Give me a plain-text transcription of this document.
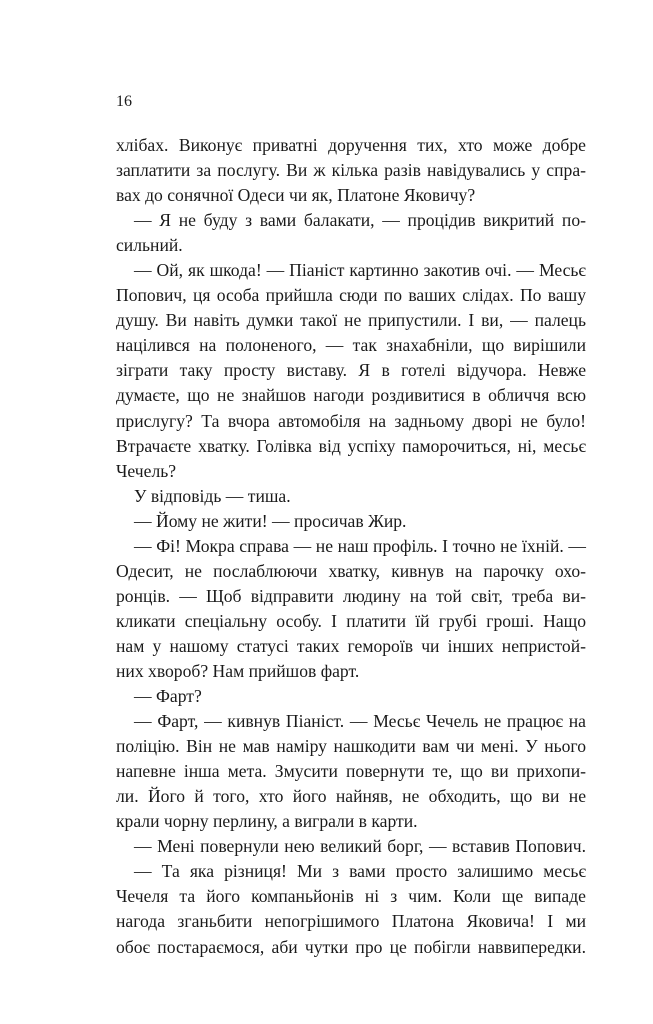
16
хлібах. Виконує приватні доручення тих, хто може добре
заплатити за послугу. Ви ж кілька разів навідувались у спра-
вах до сонячної Одеси чи як, Платоне Яковичу?
— Я не буду з вами балакати, — процідив викритий по-
сильний.
— Ой, як шкода! — Піаніст картинно закотив очі. — Месьє
Попович, ця особа прийшла сюди по ваших слідах. По вашу
душу. Ви навіть думки такої не припустили. І ви, — палець
націлився на полоненого, — так знахабніли, що вирішили
зіграти таку просту виставу. Я в готелі відучора. Невже
думаєте, що не знайшов нагоди роздивитися в обличчя всю
прислугу? Та вчора автомобіля на задньому дворі не було!
Втрачаєте хватку. Голівка від успіху паморочиться, ні, месьє
Чечель?
У відповідь — тиша.
— Йому не жити! — просичав Жир.
— Фі! Мокра справа — не наш профіль. І точно не їхній. —
Одесит, не послаблюючи хватку, кивнув на парочку охо-
ронців. — Щоб відправити людину на той світ, треба ви-
кликати спеціальну особу. І платити їй грубі гроші. Нащо
нам у нашому статусі таких гемороїв чи інших непристой-
них хвороб? Нам прийшов фарт.
— Фарт?
— Фарт, — кивнув Піаніст. — Месьє Чечель не працює на
поліцію. Він не мав наміру нашкодити вам чи мені. У нього
напевне інша мета. Змусити повернути те, що ви прихопи-
ли. Його й того, хто його найняв, не обходить, що ви не
крали чорну перлину, а виграли в карти.
— Мені повернули нею великий борг, — вставив Попович.
— Та яка різниця! Ми з вами просто залишимо месьє
Чечеля та його компаньйонів ні з чим. Коли ще випаде
нагода зганьбити непогрішимого Платона Яковича! І ми
обоє постараємося, аби чутки про це побігли наввипередки.
